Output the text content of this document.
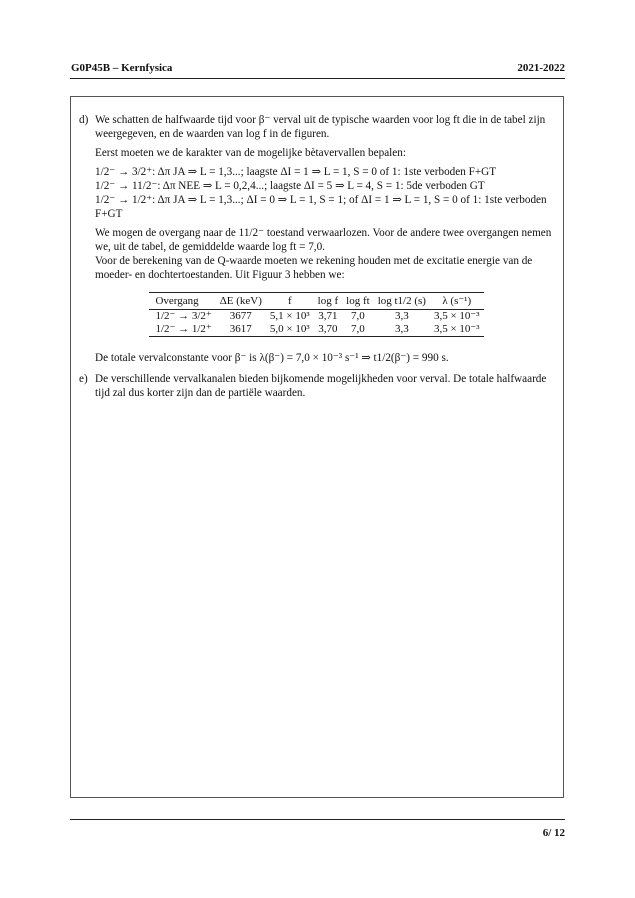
G0P45B – Kernfysica	2021-2022
d) We schatten de halfwaarde tijd voor β⁻ verval uit de typische waarden voor log ft die in de tabel zijn weergegeven, en de waarden van log f in de figuren.

Eerst moeten we de karakter van de mogelijke bètavervallen bepalen:

1/2⁻ → 3/2⁺: Δπ JA ⇒ L = 1,3...; laagste ΔI = 1 ⇒ L = 1, S = 0 of 1: 1ste verboden F+GT

1/2⁻ → 11/2⁻: Δπ NEE ⇒ L = 0,2,4...; laagste ΔI = 5 ⇒ L = 4, S = 1: 5de verboden GT

1/2⁻ → 1/2⁺: Δπ JA ⇒ L = 1,3...; ΔI = 0 ⇒ L = 1, S = 1; of ΔI = 1 ⇒ L = 1, S = 0 of 1: 1ste verboden F+GT

We mogen de overgang naar de 11/2⁻ toestand verwaarlozen. Voor de andere twee overgangen nemen we, uit de tabel, de gemiddelde waarde log ft = 7,0.

Voor de berekening van de Q-waarde moeten we rekening houden met de excitatie energie van de moeder- en dochtertoestanden. Uit Figuur 3 hebben we:

Overgang	ΔE (keV)	f	log f	log ft	log t1/2 (s)	λ (s⁻¹)
1/2⁻ → 3/2⁺	3677	5,1 × 10³	3,71	7,0	3,3	3,5 × 10⁻³
1/2⁻ → 1/2⁺	3617	5,0 × 10³	3,70	7,0	3,3	3,5 × 10⁻³

De totale vervalconstante voor β⁻ is λ(β⁻) = 7,0 × 10⁻³ s⁻¹ ⇒ t1/2(β⁻) = 990 s.

e) De verschillende vervalkanalen bieden bijkomende mogelijkheden voor verval. De totale halfwaarde tijd zal dus korter zijn dan de partiële waarden.

6/ 12
